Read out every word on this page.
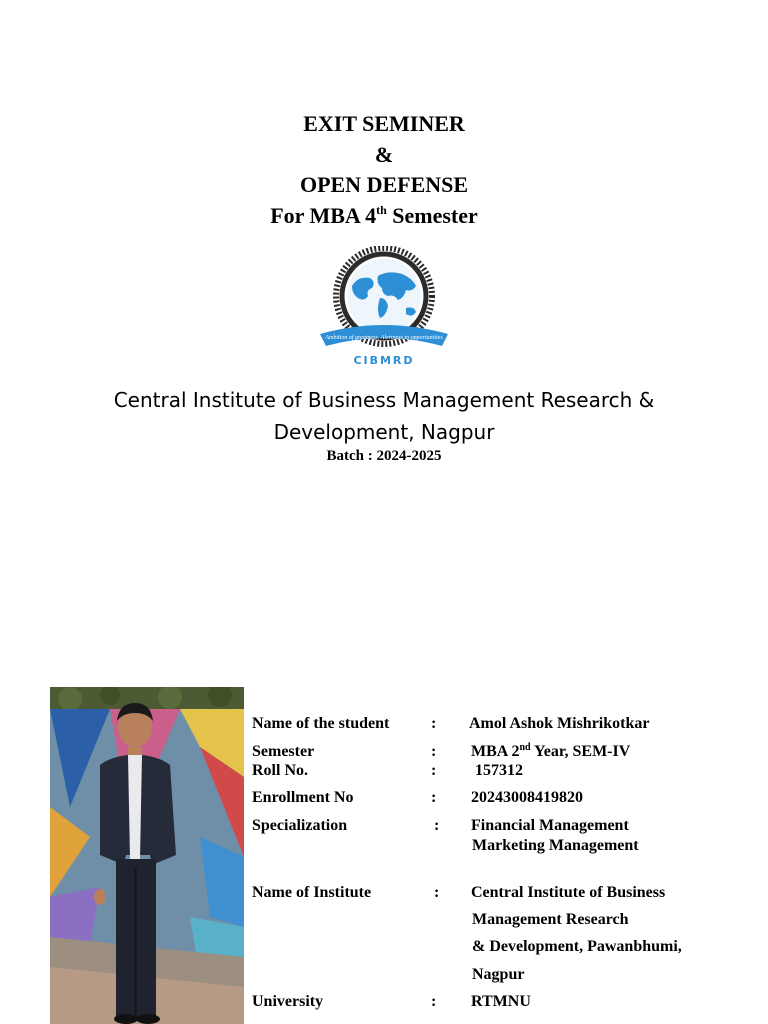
EXIT SEMINER
&
OPEN DEFENSE
For MBA 4th Semester
Ambition of greatness, Alertness to opportunities
CIBMRD
Central Institute of Business Management Research &
Development, Nagpur
Batch : 2024-2025
Name of the student	: Amol Ashok Mishrikotkar
Semester	: MBA 2nd Year, SEM-IV
Roll No.	: 157312
Enrollment No	: 20243008419820
Specialization	: Financial Management
Marketing Management
Name of Institute	: Central Institute of Business
Management Research
& Development, Pawanbhumi,
Nagpur
University	: RTMNU
